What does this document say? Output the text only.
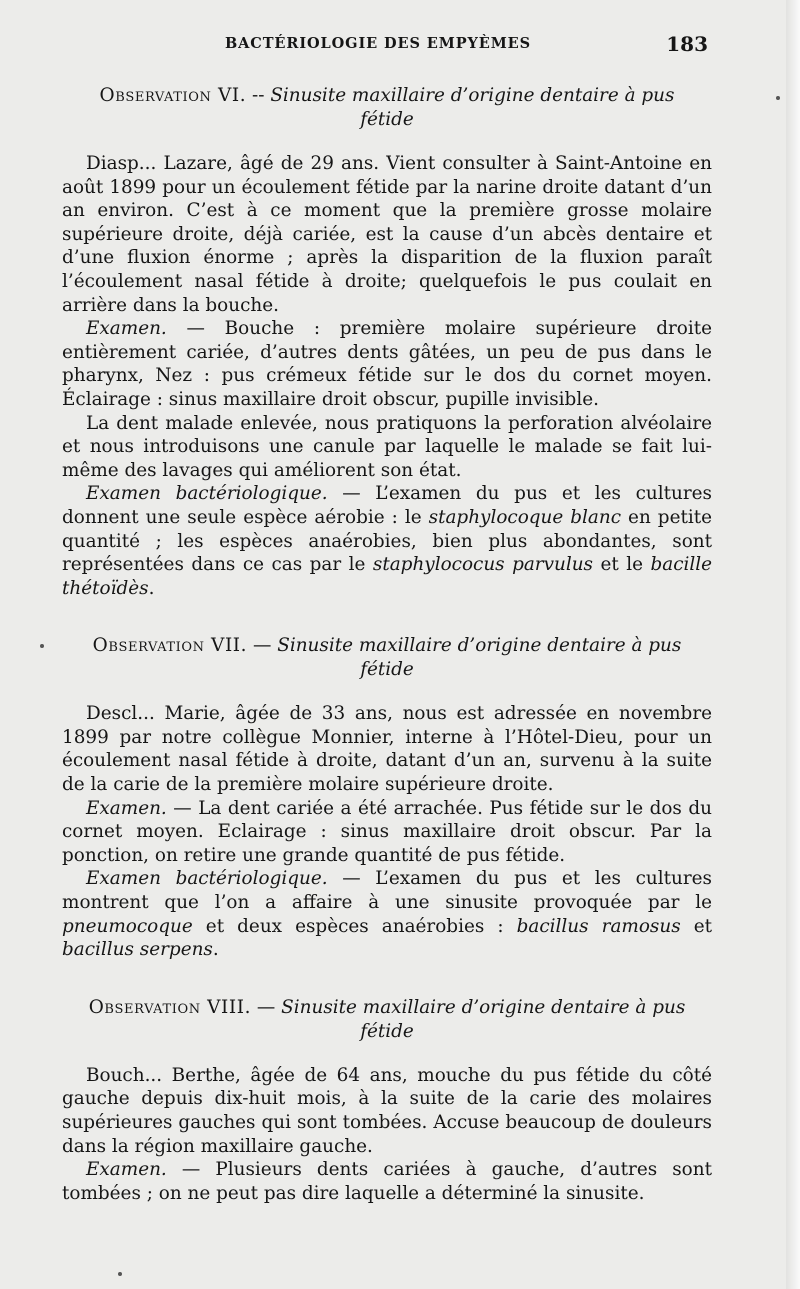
BACTÉRIOLOGIE DES EMPYÈMES	183
Observation VI. -- Sinusite maxillaire d’origine dentaire à pus fétide

Diasp... Lazare, âgé de 29 ans. Vient consulter à Saint-Antoine en août 1899 pour un écoulement fétide par la narine droite datant d’un an environ. C’est à ce moment que la première grosse molaire supérieure droite, déjà cariée, est la cause d’un abcès dentaire et d’une fluxion énorme ; après la disparition de la fluxion paraît l’écoulement nasal fétide à droite; quelquefois le pus coulait en arrière dans la bouche.

Examen. — Bouche : première molaire supérieure droite entièrement cariée, d’autres dents gâtées, un peu de pus dans le pharynx, Nez : pus crémeux fétide sur le dos du cornet moyen. Éclairage : sinus maxillaire droit obscur, pupille invisible.

La dent malade enlevée, nous pratiquons la perforation alvéolaire et nous introduisons une canule par laquelle le malade se fait lui-même des lavages qui améliorent son état.

Examen bactériologique. — L’examen du pus et les cultures donnent une seule espèce aérobie : le staphylocoque blanc en petite quantité ; les espèces anaérobies, bien plus abondantes, sont représentées dans ce cas par le staphylococus parvulus et le bacille thétoïdès.

Observation VII. — Sinusite maxillaire d’origine dentaire à pus fétide

Descl... Marie, âgée de 33 ans, nous est adressée en novembre 1899 par notre collègue Monnier, interne à l’Hôtel-Dieu, pour un écoulement nasal fétide à droite, datant d’un an, survenu à la suite de la carie de la première molaire supérieure droite.

Examen. — La dent cariée a été arrachée. Pus fétide sur le dos du cornet moyen. Eclairage : sinus maxillaire droit obscur. Par la ponction, on retire une grande quantité de pus fétide.

Examen bactériologique. — L’examen du pus et les cultures montrent que l’on a affaire à une sinusite provoquée par le pneumocoque et deux espèces anaérobies : bacillus ramosus et bacillus serpens.

Observation VIII. — Sinusite maxillaire d’origine dentaire à pus fétide

Bouch... Berthe, âgée de 64 ans, mouche du pus fétide du côté gauche depuis dix-huit mois, à la suite de la carie des molaires supérieures gauches qui sont tombées. Accuse beaucoup de douleurs dans la région maxillaire gauche.

Examen. — Plusieurs dents cariées à gauche, d’autres sont tombées ; on ne peut pas dire laquelle a déterminé la sinusite.
